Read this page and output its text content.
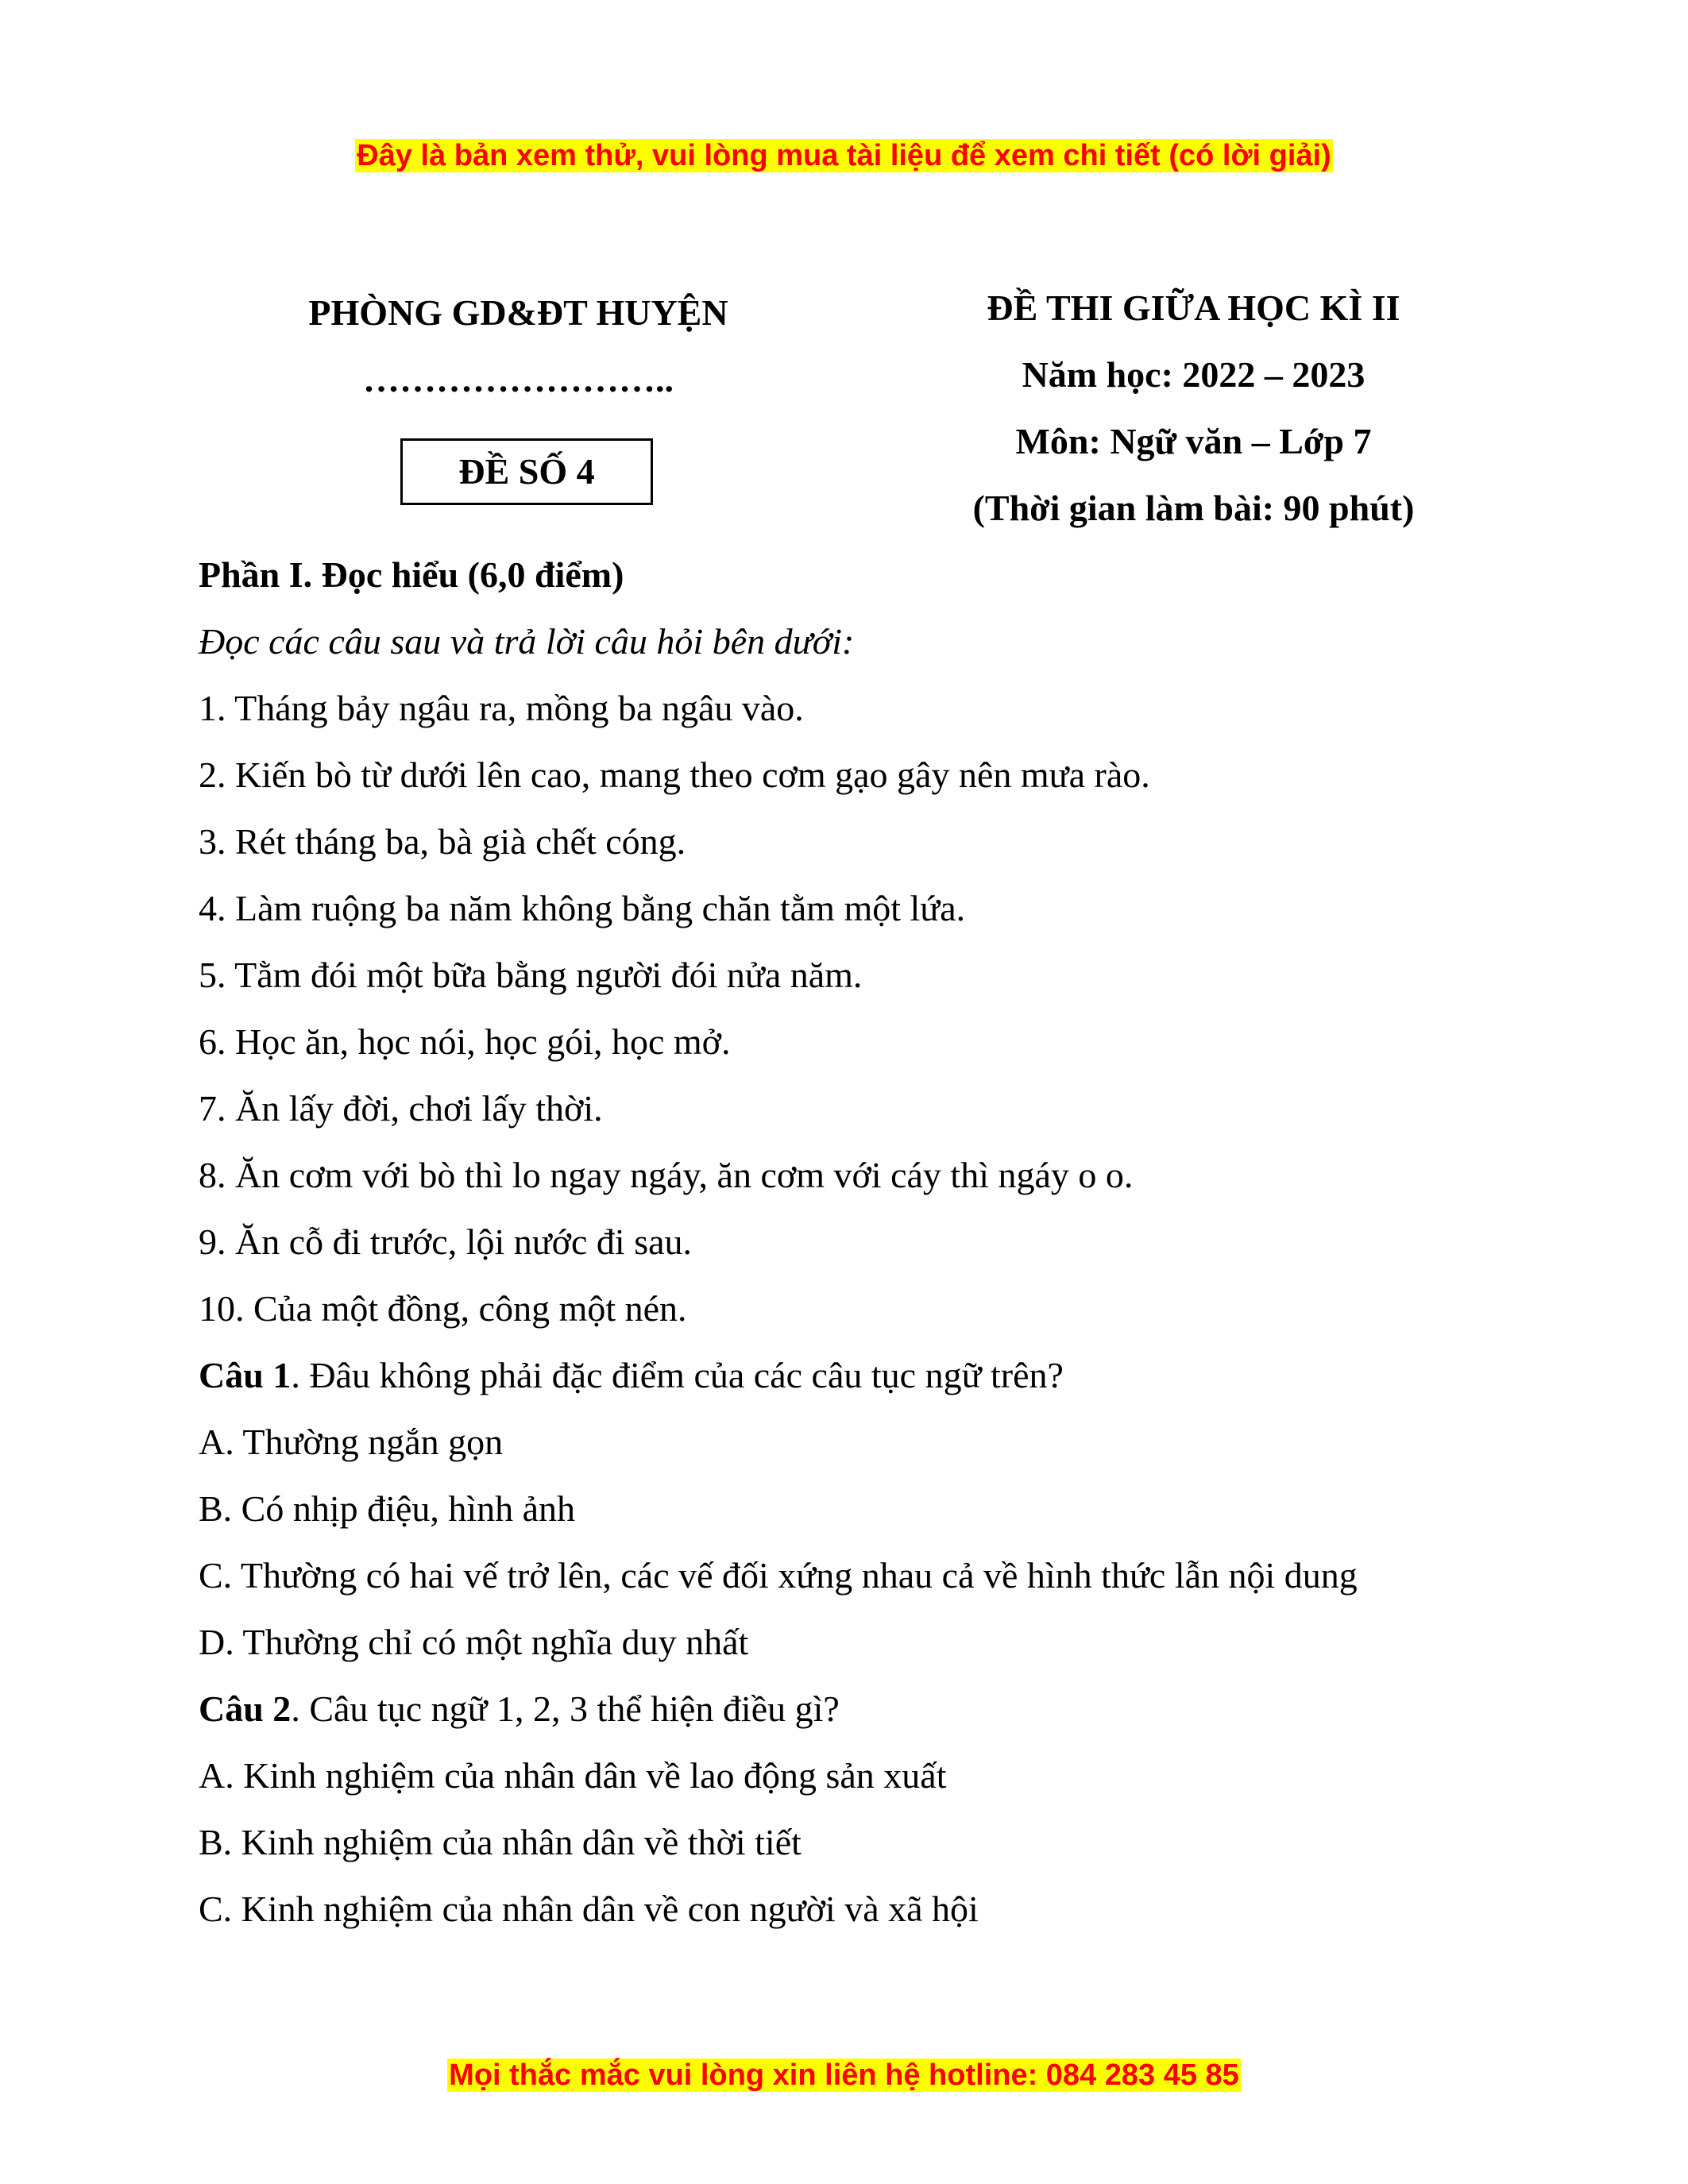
Đây là bản xem thử, vui lòng mua tài liệu để xem chi tiết (có lời giải)
PHÒNG GD&ĐT HUYỆN
……………………..
ĐỀ SỐ 4
ĐỀ THI GIỮA HỌC KÌ II
Năm học: 2022 – 2023
Môn: Ngữ văn – Lớp 7
(Thời gian làm bài: 90 phút)
Phần I. Đọc hiểu (6,0 điểm)
Đọc các câu sau và trả lời câu hỏi bên dưới:
1. Tháng bảy ngâu ra, mồng ba ngâu vào.
2. Kiến bò từ dưới lên cao, mang theo cơm gạo gây nên mưa rào.
3. Rét tháng ba, bà già chết cóng.
4. Làm ruộng ba năm không bằng chăn tằm một lứa.
5. Tằm đói một bữa bằng người đói nửa năm.
6. Học ăn, học nói, học gói, học mở.
7. Ăn lấy đời, chơi lấy thời.
8. Ăn cơm với bò thì lo ngay ngáy, ăn cơm với cáy thì ngáy o o.
9. Ăn cỗ đi trước, lội nước đi sau.
10. Của một đồng, công một nén.
Câu 1. Đâu không phải đặc điểm của các câu tục ngữ trên?
A. Thường ngắn gọn
B. Có nhịp điệu, hình ảnh
C. Thường có hai vế trở lên, các vế đối xứng nhau cả về hình thức lẫn nội dung
D. Thường chỉ có một nghĩa duy nhất
Câu 2. Câu tục ngữ 1, 2, 3 thể hiện điều gì?
A. Kinh nghiệm của nhân dân về lao động sản xuất
B. Kinh nghiệm của nhân dân về thời tiết
C. Kinh nghiệm của nhân dân về con người và xã hội
Mọi thắc mắc vui lòng xin liên hệ hotline: 084 283 45 85
